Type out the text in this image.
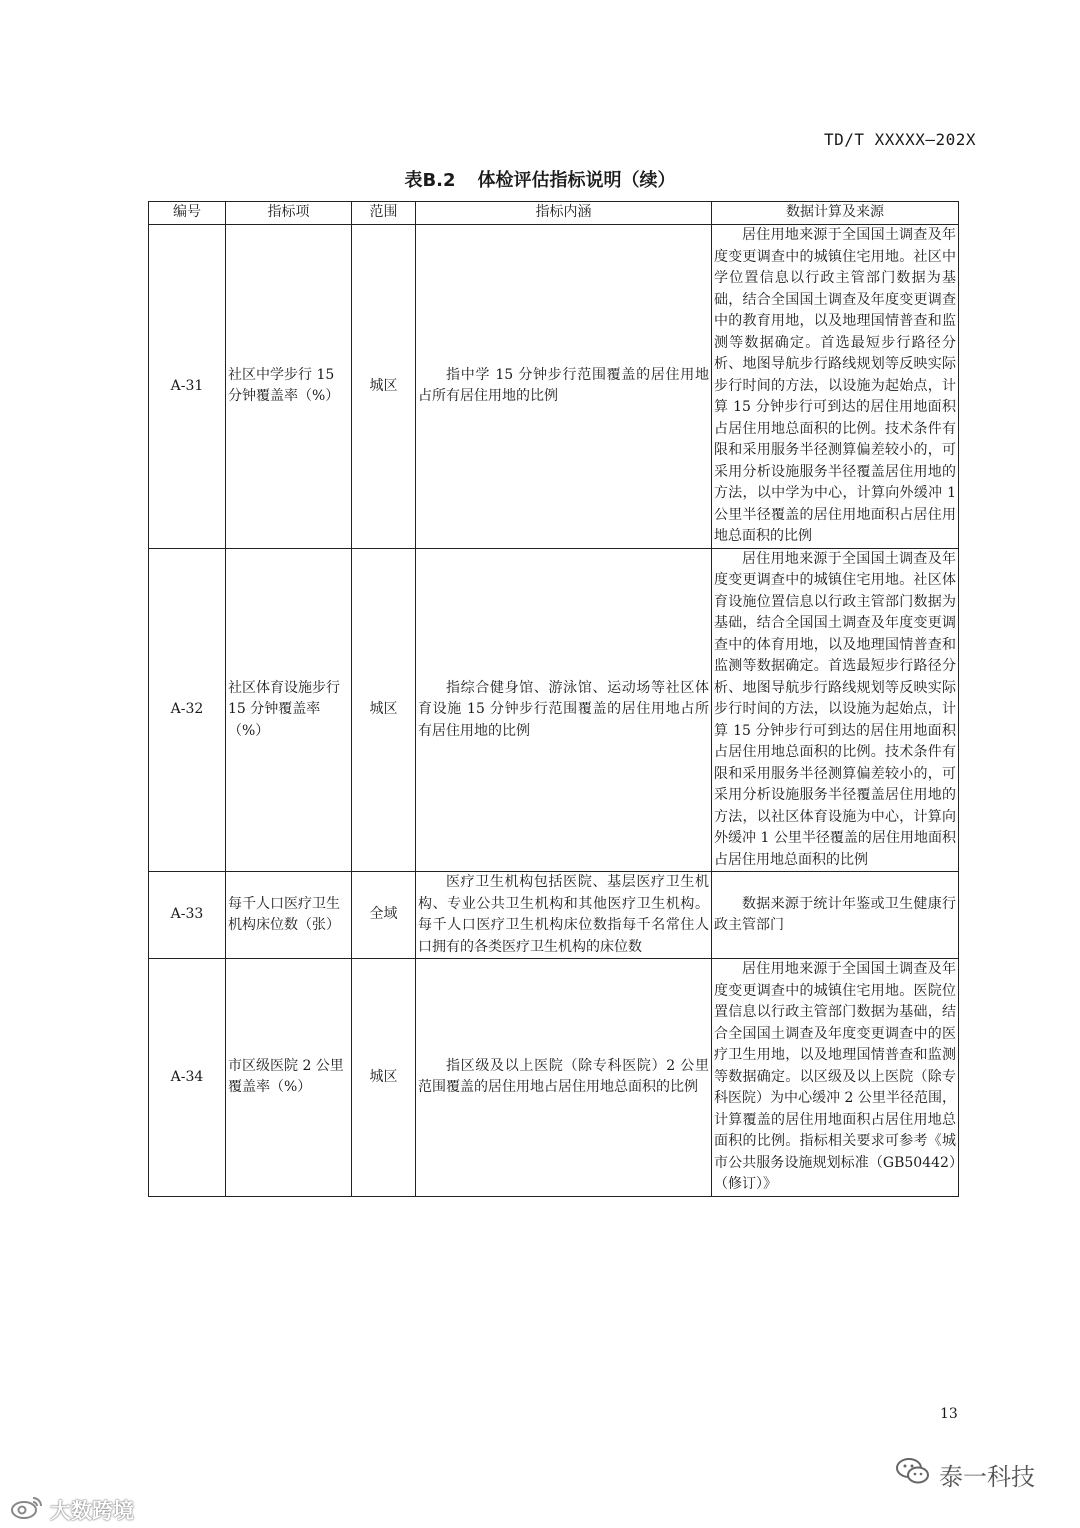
TD/T XXXXX—202X
表B.2 体检评估指标说明（续）
编号	指标项	范围	指标内涵	数据计算及来源
A-31	社区中学步行 15 分钟覆盖率（%）	城区	指中学 15 分钟步行范围覆盖的居住用地占所有居住用地的比例	居住用地来源于全国国土调查及年度变更调查中的城镇住宅用地。社区中学位置信息以行政主管部门数据为基础，结合全国国土调查及年度变更调查中的教育用地，以及地理国情普查和监测等数据确定。首选最短步行路径分析、地图导航步行路线规划等反映实际步行时间的方法，以设施为起始点，计算 15 分钟步行可到达的居住用地面积占居住用地总面积的比例。技术条件有限和采用服务半径测算偏差较小的，可采用分析设施服务半径覆盖居住用地的方法，以中学为中心，计算向外缓冲 1 公里半径覆盖的居住用地面积占居住用地总面积的比例
A-32	社区体育设施步行 15 分钟覆盖率（%）	城区	指综合健身馆、游泳馆、运动场等社区体育设施 15 分钟步行范围覆盖的居住用地占所有居住用地的比例	居住用地来源于全国国土调查及年度变更调查中的城镇住宅用地。社区体育设施位置信息以行政主管部门数据为基础，结合全国国土调查及年度变更调查中的体育用地，以及地理国情普查和监测等数据确定。首选最短步行路径分析、地图导航步行路线规划等反映实际步行时间的方法，以设施为起始点，计算 15 分钟步行可到达的居住用地面积占居住用地总面积的比例。技术条件有限和采用服务半径测算偏差较小的，可采用分析设施服务半径覆盖居住用地的方法，以社区体育设施为中心，计算向外缓冲 1 公里半径覆盖的居住用地面积占居住用地总面积的比例
A-33	每千人口医疗卫生机构床位数（张）	全域	医疗卫生机构包括医院、基层医疗卫生机构、专业公共卫生机构和其他医疗卫生机构。每千人口医疗卫生机构床位数指每千名常住人口拥有的各类医疗卫生机构的床位数	数据来源于统计年鉴或卫生健康行政主管部门
A-34	市区级医院 2 公里覆盖率（%）	城区	指区级及以上医院（除专科医院）2 公里范围覆盖的居住用地占居住用地总面积的比例	居住用地来源于全国国土调查及年度变更调查中的城镇住宅用地。医院位置信息以行政主管部门数据为基础，结合全国国土调查及年度变更调查中的医疗卫生用地，以及地理国情普查和监测等数据确定。以区级及以上医院（除专科医院）为中心缓冲 2 公里半径范围，计算覆盖的居住用地面积占居住用地总面积的比例。指标相关要求可参考《城市公共服务设施规划标准（GB50442）（修订）》
13
大数跨境
泰一科技
